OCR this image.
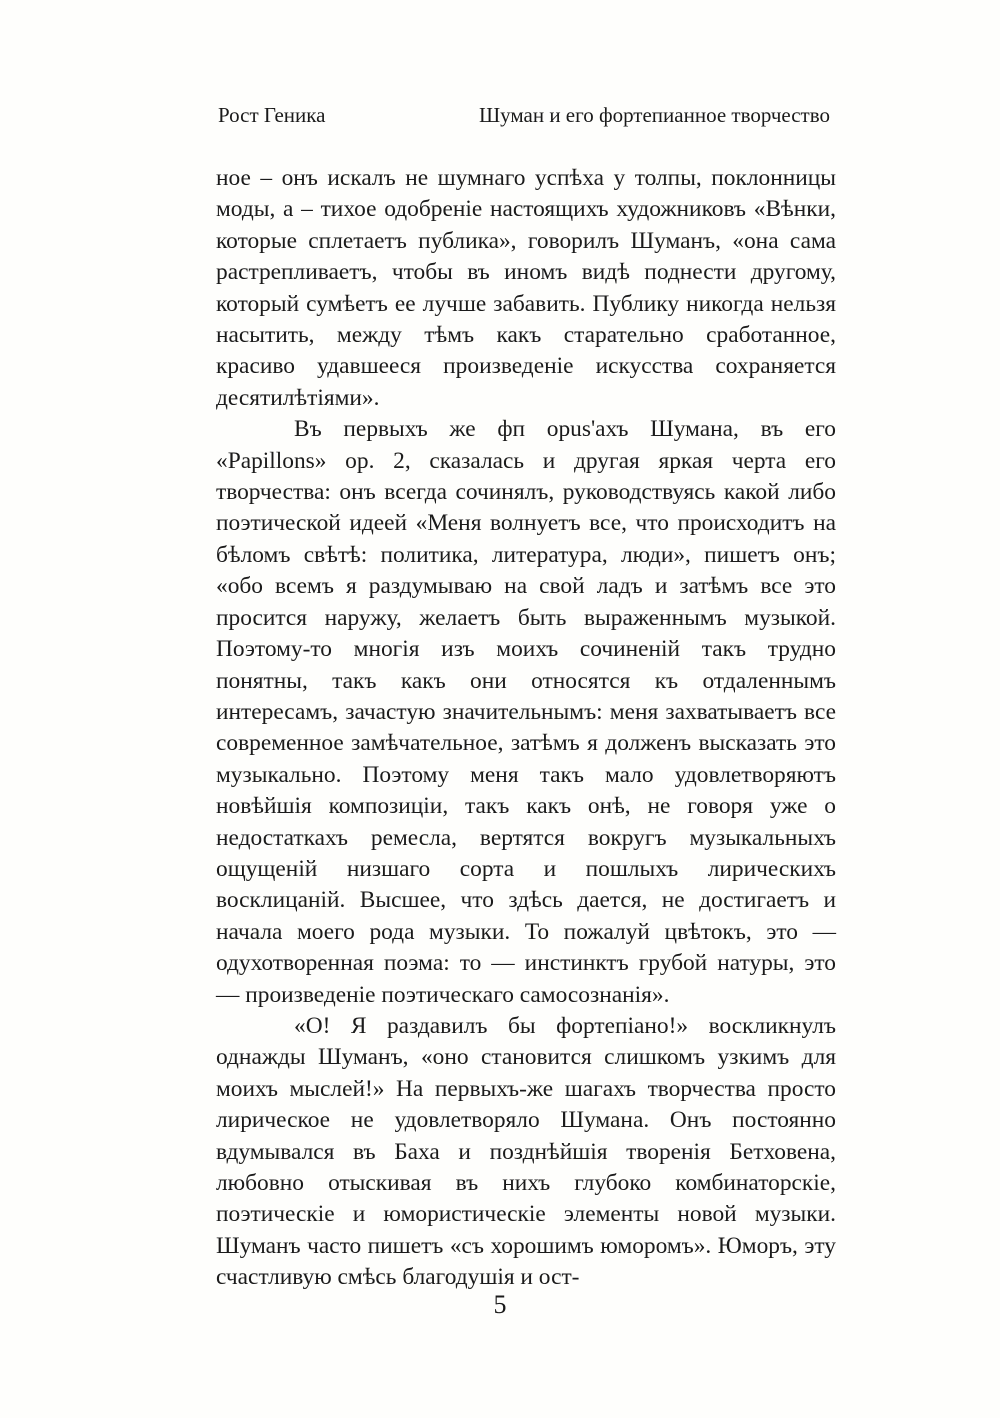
Рост Геника	Шуман и его фортепианное творчество

ное – онъ искалъ не шумнаго успѣха у толпы, поклонницы моды, а – тихое одобреніе настоящихъ художниковъ «Вѣнки, которые сплетаетъ публика», говорилъ Шуманъ, «она сама растрепливаетъ, чтобы въ иномъ видѣ поднести другому, который сумѣетъ ее лучше забавить. Публику никогда нельзя насытить, между тѣмъ какъ старательно сработанное, красиво удавшееся произведеніе искусства сохраняется десятилѣтіями».

Въ первыхъ же фп opus'ахъ Шумана, въ его «Papillons» op. 2, сказалась и другая яркая черта его творчества: онъ всегда сочинялъ, руководствуясь какой либо поэтической идеей «Меня волнуетъ все, что происходитъ на бѣломъ свѣтѣ: политика, литература, люди», пишетъ онъ; «обо всемъ я раздумываю на свой ладъ и затѣмъ все это просится наружу, желаетъ быть выраженнымъ музыкой. Поэтому-то многія изъ моихъ сочиненій такъ трудно понятны, такъ какъ они относятся къ отдаленнымъ интересамъ, зачастую значительнымъ: меня захватываетъ все современное замѣчательное, затѣмъ я долженъ высказать это музыкально. Поэтому меня такъ мало удовлетворяютъ новѣйшія композиціи, такъ какъ онѣ, не говоря уже о недостаткахъ ремесла, вертятся вокругъ музыкальныхъ ощущеній низшаго сорта и пошлыхъ лирическихъ восклицаній. Высшее, что здѣсь дается, не достигаетъ и начала моего рода музыки. То пожалуй цвѣтокъ, это — одухотворенная поэма: то — инстинктъ грубой натуры, это — произведеніе поэтическаго самосознанія».

«О! Я раздавилъ бы фортепіано!» воскликнулъ однажды Шуманъ, «оно становится слишкомъ узкимъ для моихъ мыслей!» На первыхъ-же шагахъ творчества просто лирическое не удовлетворяло Шумана. Онъ постоянно вдумывался въ Баха и позднѣйшія творенія Бетховена, любовно отыскивая въ нихъ глубоко комбинаторскіе, поэтическіе и юмористическіе элементы новой музыки. Шуманъ часто пишетъ «съ хорошимъ юморомъ». Юморъ, эту счастливую смѣсь благодушія и ост-

5
